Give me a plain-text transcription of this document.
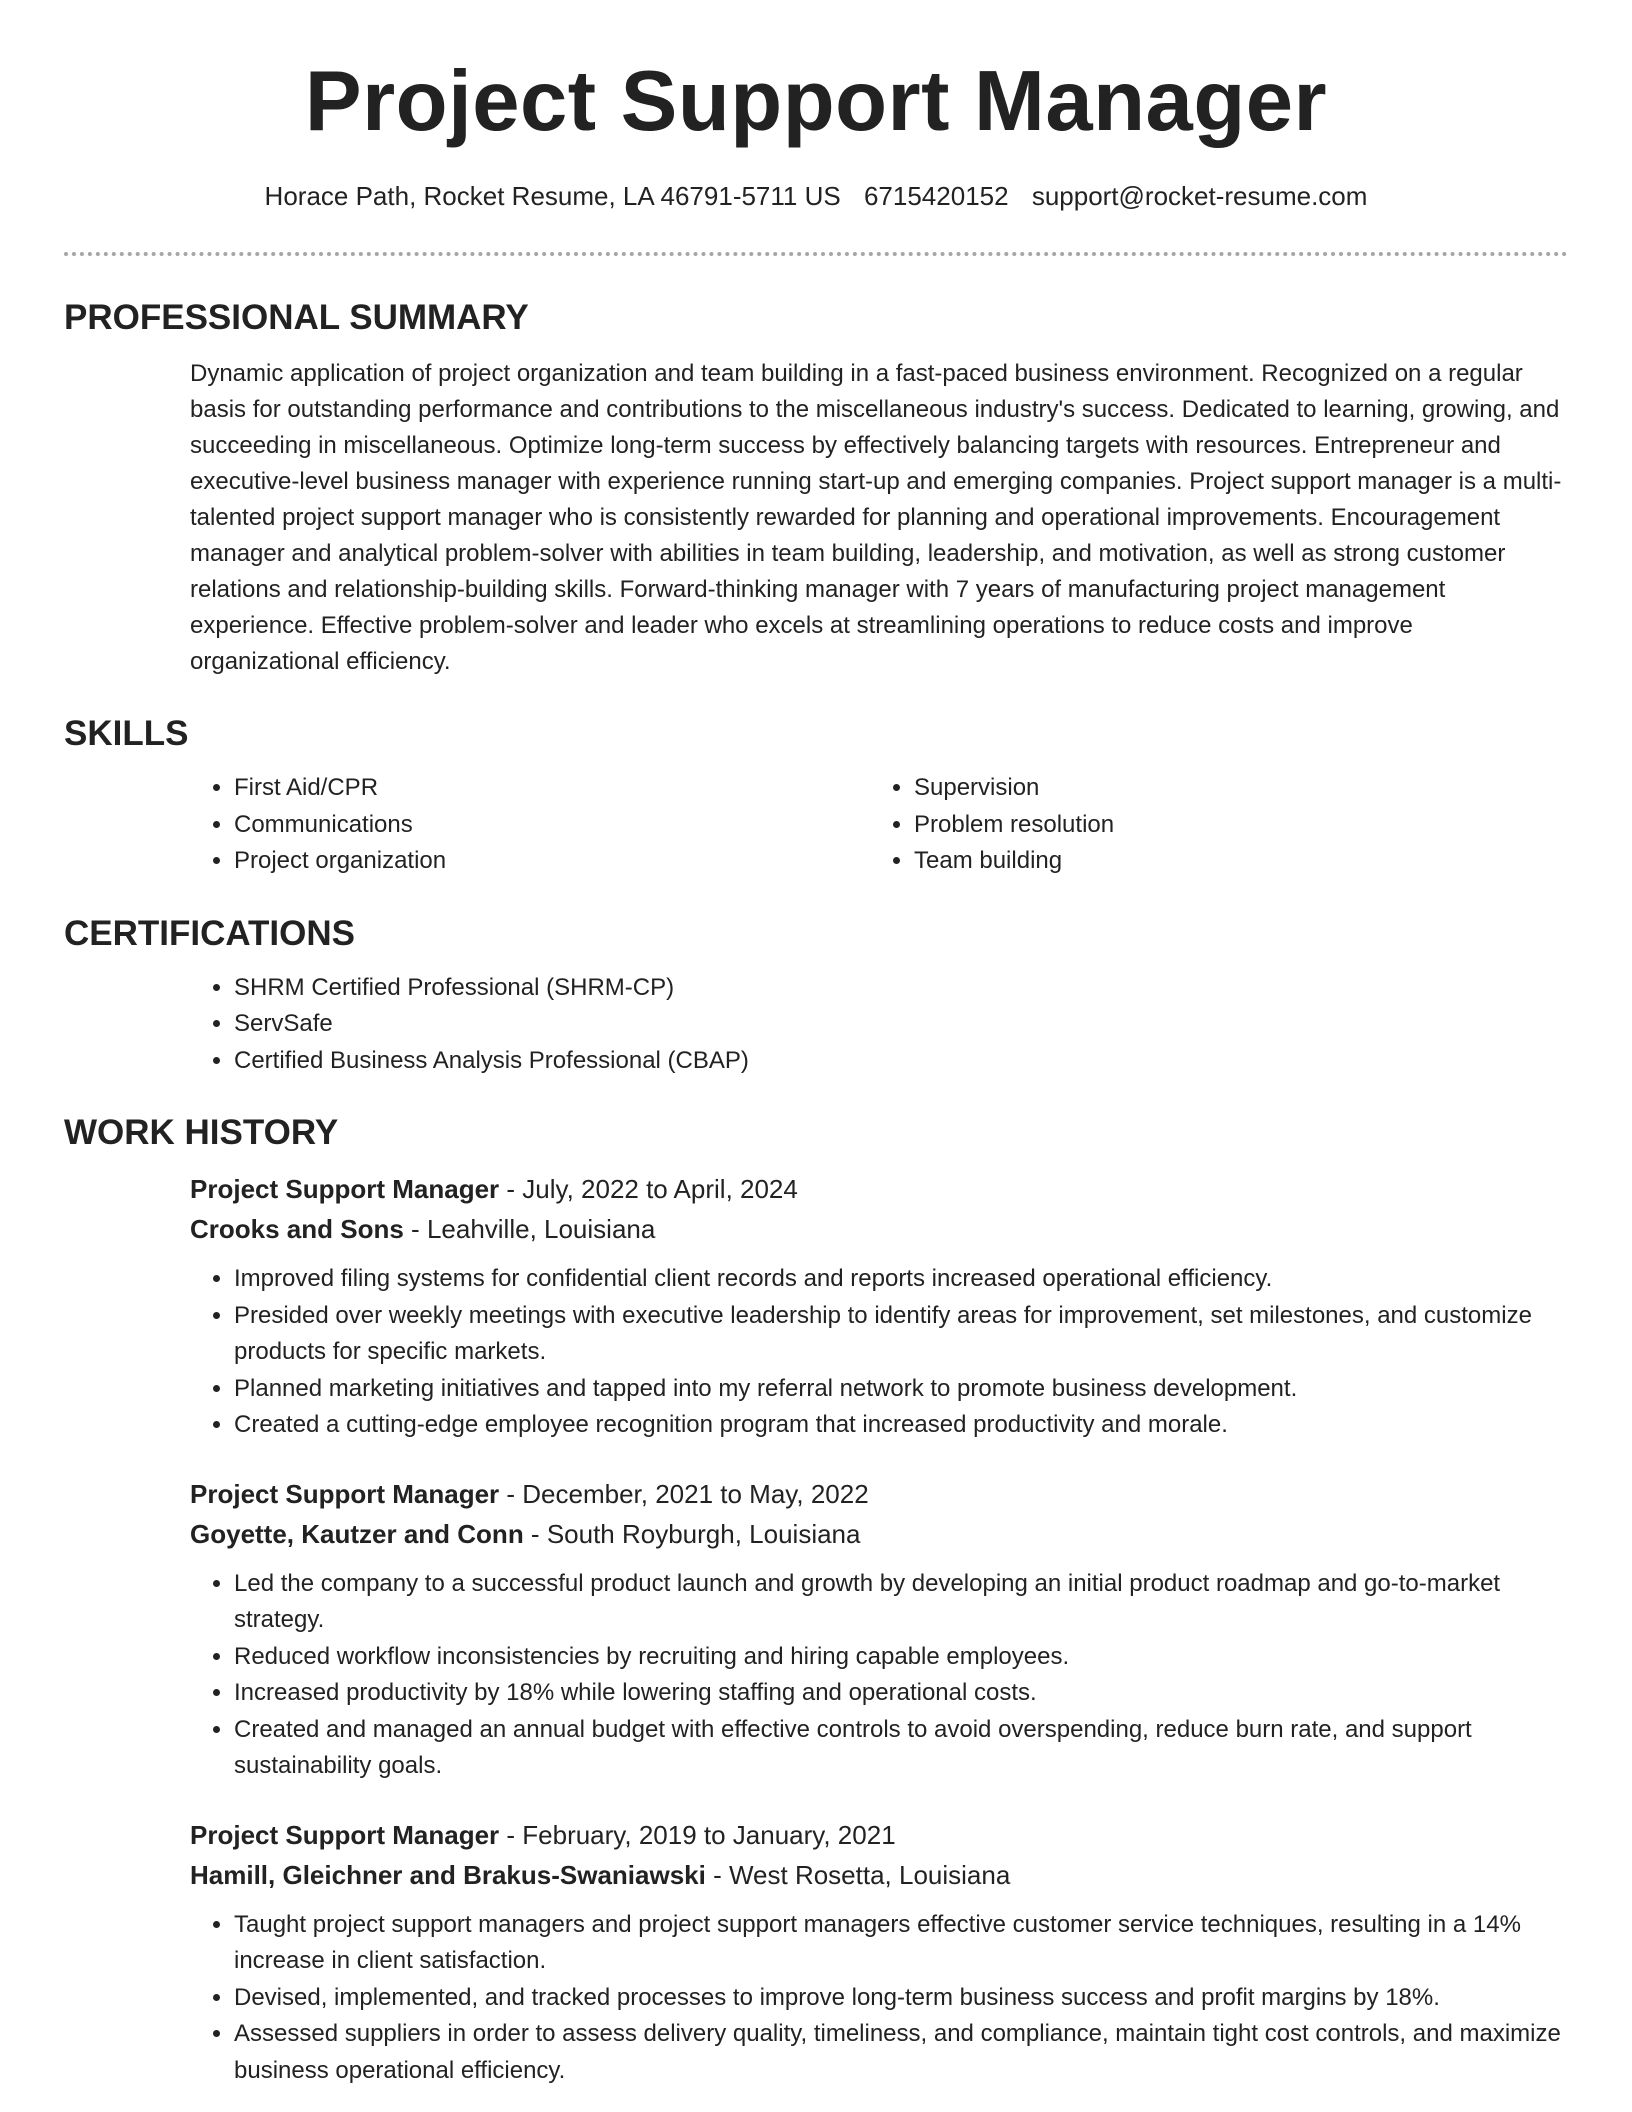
Project Support Manager
Horace Path, Rocket Resume, LA 46791-5711 US 6715420152 support@rocket-resume.com
PROFESSIONAL SUMMARY

Dynamic application of project organization and team building in a fast-paced business environment. Recognized on a regular basis for outstanding performance and contributions to the miscellaneous industry's success. Dedicated to learning, growing, and succeeding in miscellaneous. Optimize long-term success by effectively balancing targets with resources. Entrepreneur and executive-level business manager with experience running start-up and emerging companies. Project support manager is a multi-talented project support manager who is consistently rewarded for planning and operational improvements. Encouragement manager and analytical problem-solver with abilities in team building, leadership, and motivation, as well as strong customer relations and relationship-building skills. Forward-thinking manager with 7 years of manufacturing project management experience. Effective problem-solver and leader who excels at streamlining operations to reduce costs and improve organizational efficiency.

SKILLS
• First Aid/CPR
• Communications
• Project organization
• Supervision
• Problem resolution
• Team building
CERTIFICATIONS
• SHRM Certified Professional (SHRM-CP)
• ServSafe
• Certified Business Analysis Professional (CBAP)
WORK HISTORY
Project Support Manager - July, 2022 to April, 2024
Crooks and Sons - Leahville, Louisiana
• Improved filing systems for confidential client records and reports increased operational efficiency.
• Presided over weekly meetings with executive leadership to identify areas for improvement, set milestones, and customize products for specific markets.
• Planned marketing initiatives and tapped into my referral network to promote business development.
• Created a cutting-edge employee recognition program that increased productivity and morale.
Project Support Manager - December, 2021 to May, 2022
Goyette, Kautzer and Conn - South Royburgh, Louisiana
• Led the company to a successful product launch and growth by developing an initial product roadmap and go-to-market strategy.
• Reduced workflow inconsistencies by recruiting and hiring capable employees.
• Increased productivity by 18% while lowering staffing and operational costs.
• Created and managed an annual budget with effective controls to avoid overspending, reduce burn rate, and support sustainability goals.
Project Support Manager - February, 2019 to January, 2021
Hamill, Gleichner and Brakus-Swaniawski - West Rosetta, Louisiana
• Taught project support managers and project support managers effective customer service techniques, resulting in a 14% increase in client satisfaction.
• Devised, implemented, and tracked processes to improve long-term business success and profit margins by 18%.
• Assessed suppliers in order to assess delivery quality, timeliness, and compliance, maintain tight cost controls, and maximize business operational efficiency.
